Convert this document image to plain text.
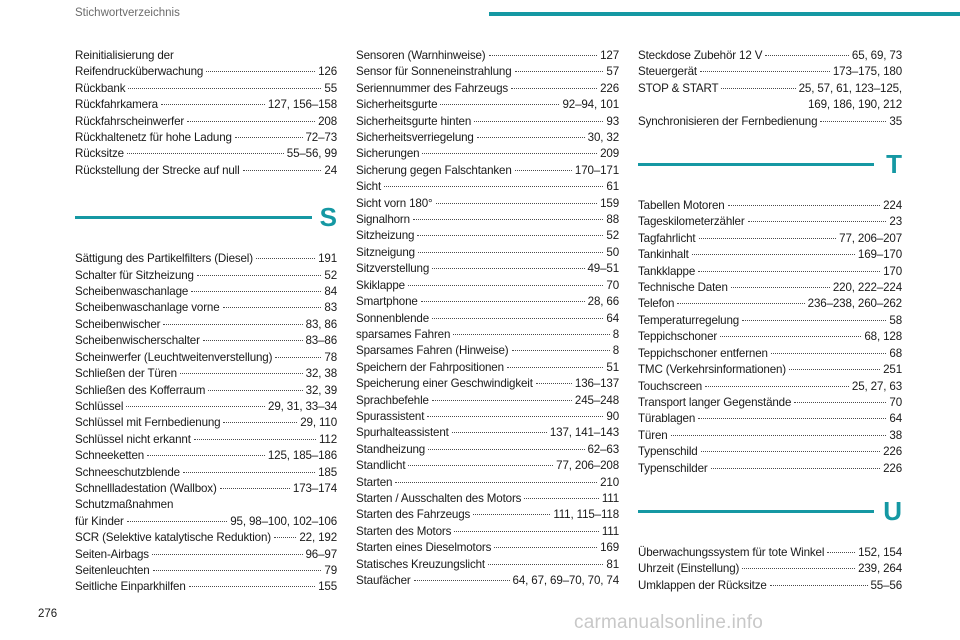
Stichwortverzeichnis
Reinitialisierung der
Reifendrucküberwachung	126
Rückbank	55
Rückfahrkamera	127, 156–158
Rückfahrscheinwerfer	208
Rückhaltenetz für hohe Ladung	72–73
Rücksitze	55–56, 99
Rückstellung der Strecke auf null	24
S
Sättigung des Partikelfilters (Diesel)	191
Schalter für Sitzheizung	52
Scheibenwaschanlage	84
Scheibenwaschanlage vorne	83
Scheibenwischer	83, 86
Scheibenwischerschalter	83–86
Scheinwerfer (Leuchtweitenverstellung)	78
Schließen der Türen	32, 38
Schließen des Kofferraum	32, 39
Schlüssel	29, 31, 33–34
Schlüssel mit Fernbedienung	29, 110
Schlüssel nicht erkannt	112
Schneeketten	125, 185–186
Schneeschutzblende	185
Schnellladestation (Wallbox)	173–174
Schutzmaßnahmen
für Kinder	95, 98–100, 102–106
SCR (Selektive katalytische Reduktion) 22, 192
Seiten-Airbags	96–97
Seitenleuchten	79
Seitliche Einparkhilfen	155
Sensoren (Warnhinweise)	127
Sensor für Sonneneinstrahlung	57
Seriennummer des Fahrzeugs	226
Sicherheitsgurte	92–94, 101
Sicherheitsgurte hinten	93
Sicherheitsverriegelung	30, 32
Sicherungen	209
Sicherung gegen Falschtanken	170–171
Sicht	61
Sicht vorn 180°	159
Signalhorn	88
Sitzheizung	52
Sitzneigung	50
Sitzverstellung	49–51
Skiklappe	70
Smartphone	28, 66
Sonnenblende	64
sparsames Fahren	8
Sparsames Fahren (Hinweise)	8
Speichern der Fahrpositionen	51
Speicherung einer Geschwindigkeit	136–137
Sprachbefehle	245–248
Spurassistent	90
Spurhalteassistent	137, 141–143
Standheizung	62–63
Standlicht	77, 206–208
Starten	210
Starten / Ausschalten des Motors	111
Starten des Fahrzeugs	111, 115–118
Starten des Motors	111
Starten eines Dieselmotors	169
Statisches Kreuzungslicht	81
Staufächer	64, 67, 69–70, 70, 74
Steckdose Zubehör 12 V	65, 69, 73
Steuergerät	173–175, 180
STOP & START	25, 57, 61, 123–125,
169, 186, 190, 212
Synchronisieren der Fernbedienung	35
T
Tabellen Motoren	224
Tageskilometerzähler	23
Tagfahrlicht	77, 206–207
Tankinhalt	169–170
Tankklappe	170
Technische Daten	220, 222–224
Telefon	236–238, 260–262
Temperaturregelung	58
Teppichschoner	68, 128
Teppichschoner entfernen	68
TMC (Verkehrsinformationen)	251
Touchscreen	25, 27, 63
Transport langer Gegenstände	70
Türablagen	64
Türen	38
Typenschild	226
Typenschilder	226
U
Überwachungssystem für tote Winkel	152, 154
Uhrzeit (Einstellung)	239, 264
Umklappen der Rücksitze	55–56
276	carmanualsonline.info
